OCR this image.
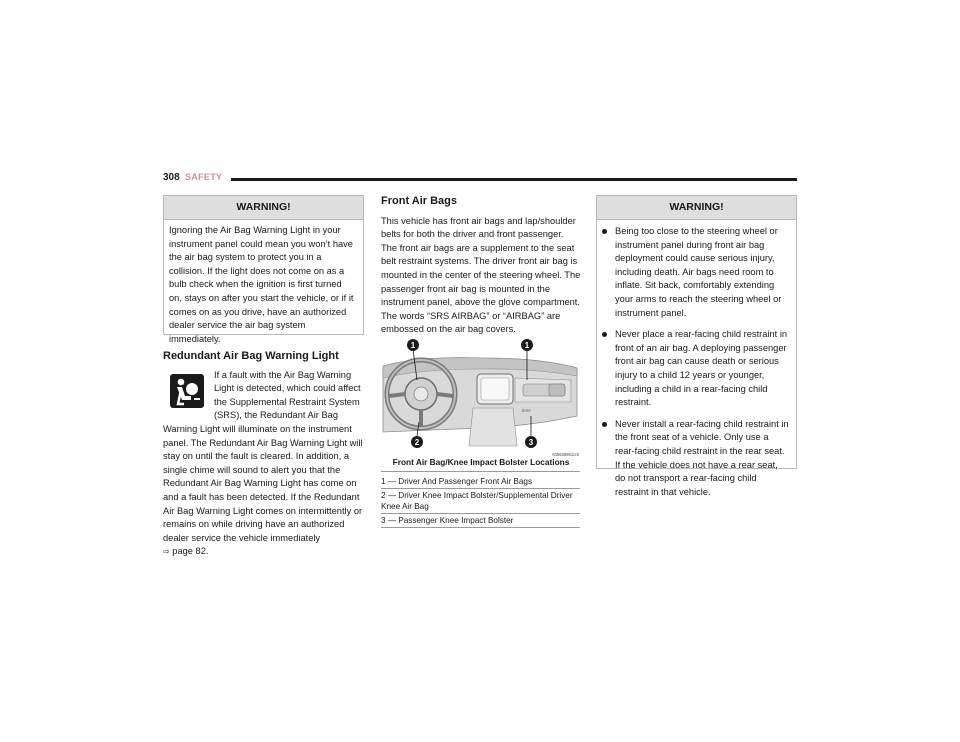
308 SAFETY
WARNING!
Ignoring the Air Bag Warning Light in your instrument panel could mean you won’t have the air bag system to protect you in a collision. If the light does not come on as a bulb check when the ignition is first turned on, stays on after you start the vehicle, or if it comes on as you drive, have an authorized dealer service the air bag system immediately.
Redundant Air Bag Warning Light
If a fault with the Air Bag Warning Light is detected, which could affect the Supplemental Restraint System (SRS), the Redundant Air Bag Warning Light will illuminate on the instrument panel. The Redundant Air Bag Warning Light will stay on until the fault is cleared. In addition, a single chime will sound to alert you that the Redundant Air Bag Warning Light has come on and a fault has been detected. If the Redundant Air Bag Warning Light comes on intermittently or remains on while driving have an authorized dealer service the vehicle immediately
⇨ page 82.
Front Air Bags

This vehicle has front air bags and lap/shoulder belts for both the driver and front passenger. The front air bags are a supplement to the seat belt restraint systems. The driver front air bag is mounted in the center of the steering wheel. The passenger front air bag is mounted in the instrument panel, above the glove compartment. The words “SRS AIRBAG” or “AIRBAG” are embossed on the air bag covers.

JEEP
1	1
2	3
A05636961US
Front Air Bag/Knee Impact Bolster Locations
1 — Driver And Passenger Front Air Bags
2 — Driver Knee Impact Bolster/Supplemental Driver Knee Air Bag
3 — Passenger Knee Impact Bolster
WARNING!
Being too close to the steering wheel or instrument panel during front air bag deployment could cause serious injury, including death. Air bags need room to inflate. Sit back, comfortably extending your arms to reach the steering wheel or instrument panel.
Never place a rear-facing child restraint in front of an air bag. A deploying passenger front air bag can cause death or serious injury to a child 12 years or younger, including a child in a rear-facing child restraint.
Never install a rear-facing child restraint in the front seat of a vehicle. Only use a rear-facing child restraint in the rear seat. If the vehicle does not have a rear seat, do not transport a rear-facing child restraint in that vehicle.
